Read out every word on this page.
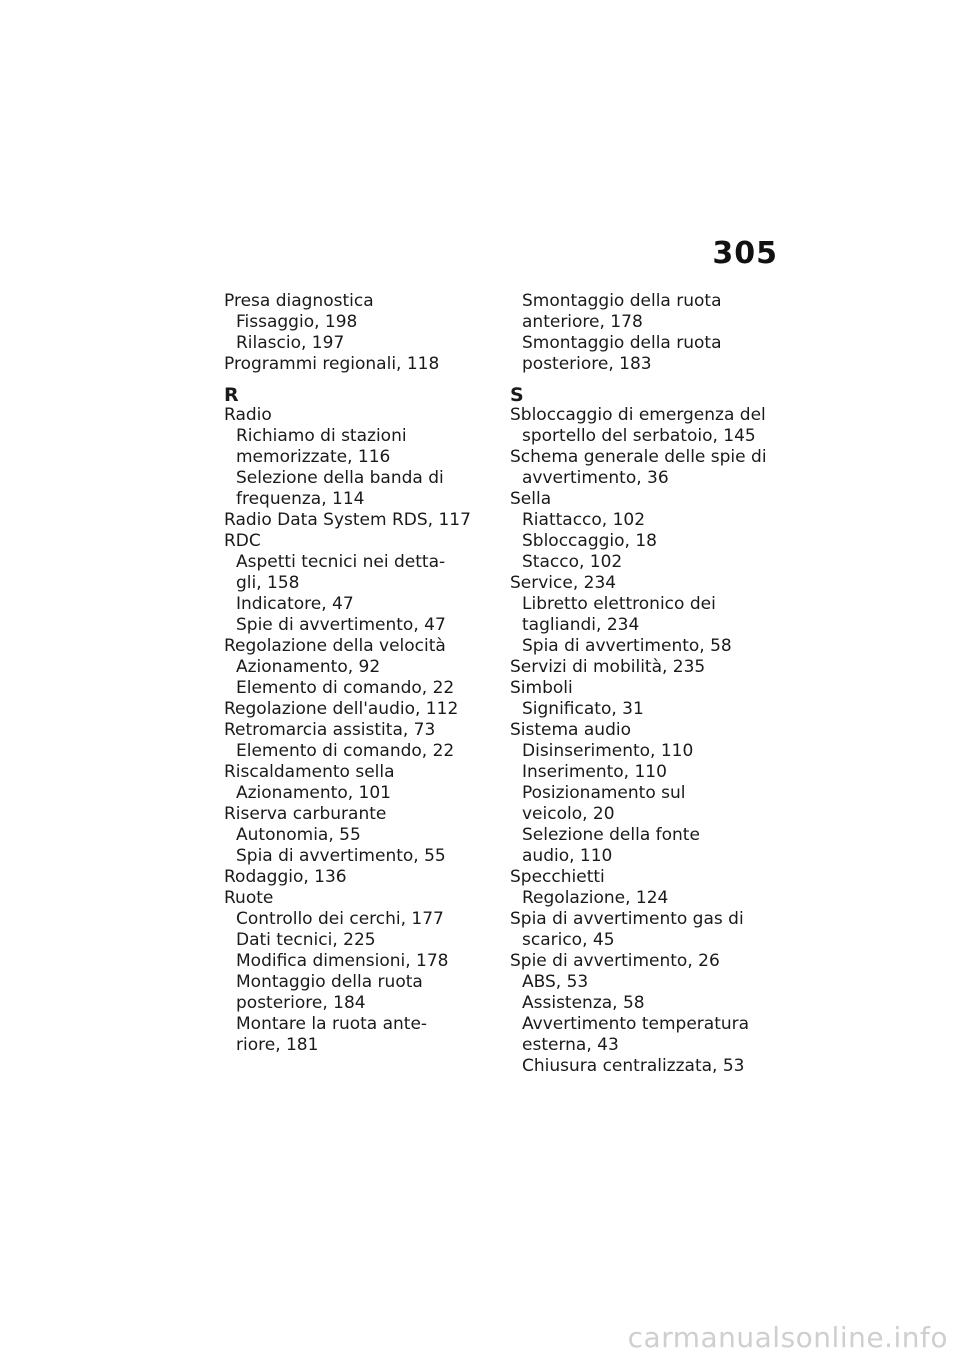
305
Presa diagnostica
Fissaggio, 198
Rilascio, 197
Programmi regionali, 118
R
Radio
Richiamo di stazioni
memorizzate, 116
Selezione della banda di
frequenza, 114
Radio Data System RDS, 117
RDC
Aspetti tecnici nei detta-
gli, 158
Indicatore, 47
Spie di avvertimento, 47
Regolazione della velocità
Azionamento, 92
Elemento di comando, 22
Regolazione dell'audio, 112
Retromarcia assistita, 73
Elemento di comando, 22
Riscaldamento sella
Azionamento, 101
Riserva carburante
Autonomia, 55
Spia di avvertimento, 55
Rodaggio, 136
Ruote
Controllo dei cerchi, 177
Dati tecnici, 225
Modifica dimensioni, 178
Montaggio della ruota
posteriore, 184
Montare la ruota ante-
riore, 181
Smontaggio della ruota
anteriore, 178
Smontaggio della ruota
posteriore, 183
S
Sbloccaggio di emergenza del
sportello del serbatoio, 145
Schema generale delle spie di
avvertimento, 36
Sella
Riattacco, 102
Sbloccaggio, 18
Stacco, 102
Service, 234
Libretto elettronico dei
tagliandi, 234
Spia di avvertimento, 58
Servizi di mobilità, 235
Simboli
Significato, 31
Sistema audio
Disinserimento, 110
Inserimento, 110
Posizionamento sul
veicolo, 20
Selezione della fonte
audio, 110
Specchietti
Regolazione, 124
Spia di avvertimento gas di
scarico, 45
Spie di avvertimento, 26
ABS, 53
Assistenza, 58
Avvertimento temperatura
esterna, 43
Chiusura centralizzata, 53
carmanualsonline.info
